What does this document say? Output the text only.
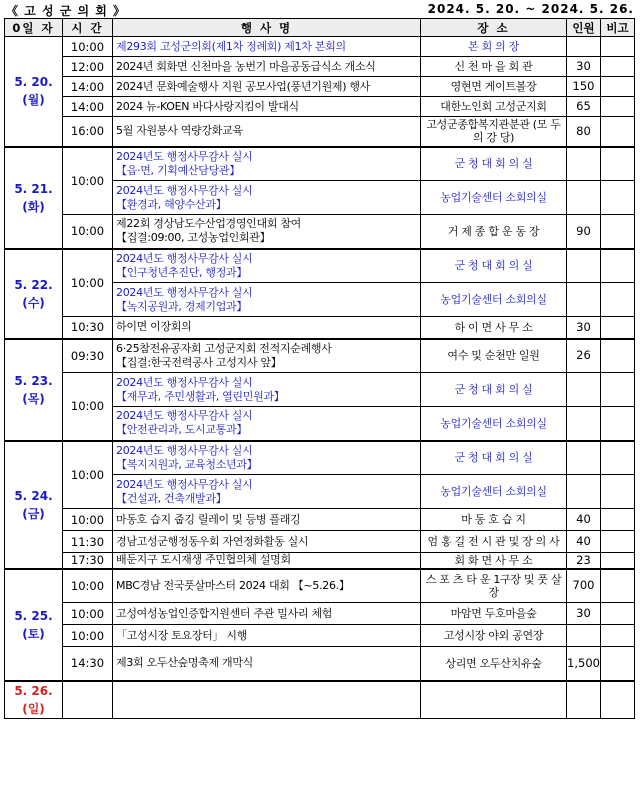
《 고 성 군 의 회 》	2024. 5. 20. ~ 2024. 5. 26.
0일 자	시 간	행 사 명	장 소	인원	비고

5. 20.
(월)	10:00	제293회 고성군의회(제1차 정례회) 제1차 본회의	본 회 의 장		
	12:00	2024년 회화면 신천마을 농번기 마을공동급식소 개소식	신 천 마 을 회 관	30	
	14:00	2024년 문화예술행사 지원 공모사업(풍년기원제) 행사	영현면 게이트볼장	150	
	14:00	2024 뉴-KOEN 바다사랑지킴이 발대식	대한노인회 고성군지회	65	
	16:00	5월 자원봉사 역량강화교육	고성군종합복지관분관 (모 두 의 강 당)	80	

5. 21.
(화)	10:00	2024년도 행정사무감사 실시
【읍·면, 기획예산담당관】	군 청 대 회 의 실		

		2024년도 행정사무감사 실시
【환경과, 해양수산과】	농업기술센터 소회의실		
	10:00	제22회 경상남도수산업경영인대회 참여
【집결:09:00, 고성농업인회관】	거 제 종 합 운 동 장	90	

5. 22.
(수)	10:00	2024년도 행정사무감사 실시
【인구청년추진단, 행정과】	군 청 대 회 의 실		

		2024년도 행정사무감사 실시
【녹지공원과, 경제기업과】	농업기술센터 소회의실		
	10:30	하이면 이장회의	하 이 면 사 무 소	30	

5. 23.
(목)	09:30	6·25참전유공자회 고성군지회 전적지순례행사
【집결:한국전력공사 고성지사 앞】	여수 및 순천만 일원	26	
	10:00	2024년도 행정사무감사 실시
【재무과, 주민생활과, 열린민원과】	군 청 대 회 의 실		

		2024년도 행정사무감사 실시
【안전관리과, 도시교통과】	농업기술센터 소회의실		

5. 24.
(금)	10:00	2024년도 행정사무감사 실시
【복지지원과, 교육청소년과】	군 청 대 회 의 실		

		2024년도 행정사무감사 실시
【건설과, 건축개발과】	농업기술센터 소회의실		
	10:00	마동호 습지 줍깅 릴레이 및 등병 플래깅	마 동 호 습 지	40	
	11:30	경남고성군행정동우회 자연정화활동 실시	엄 홍 길 전 시 관 및 장 의 사	40	
	17:30	배둔지구 도시재생 주민협의체 설명회	회 화 면 사 무 소	23	

5. 25.
(토)	10:00	MBC경남 전국풋살마스터 2024 대회 【~5.26.】	스 포 츠 타 운 1구장 및 풋 살 장	700	
	10:00	고성여성농업인증합지원센터 주관 밀사리 체험	마암면 두호마을숲	30	
	10:00	「고성시장 토요장터」 시행	고성시장 야외 공연장		
	14:30	제3회 오두산숲명축제 개막식	상리면 오두산치유숲	1,500	

5. 26.
(일)					
